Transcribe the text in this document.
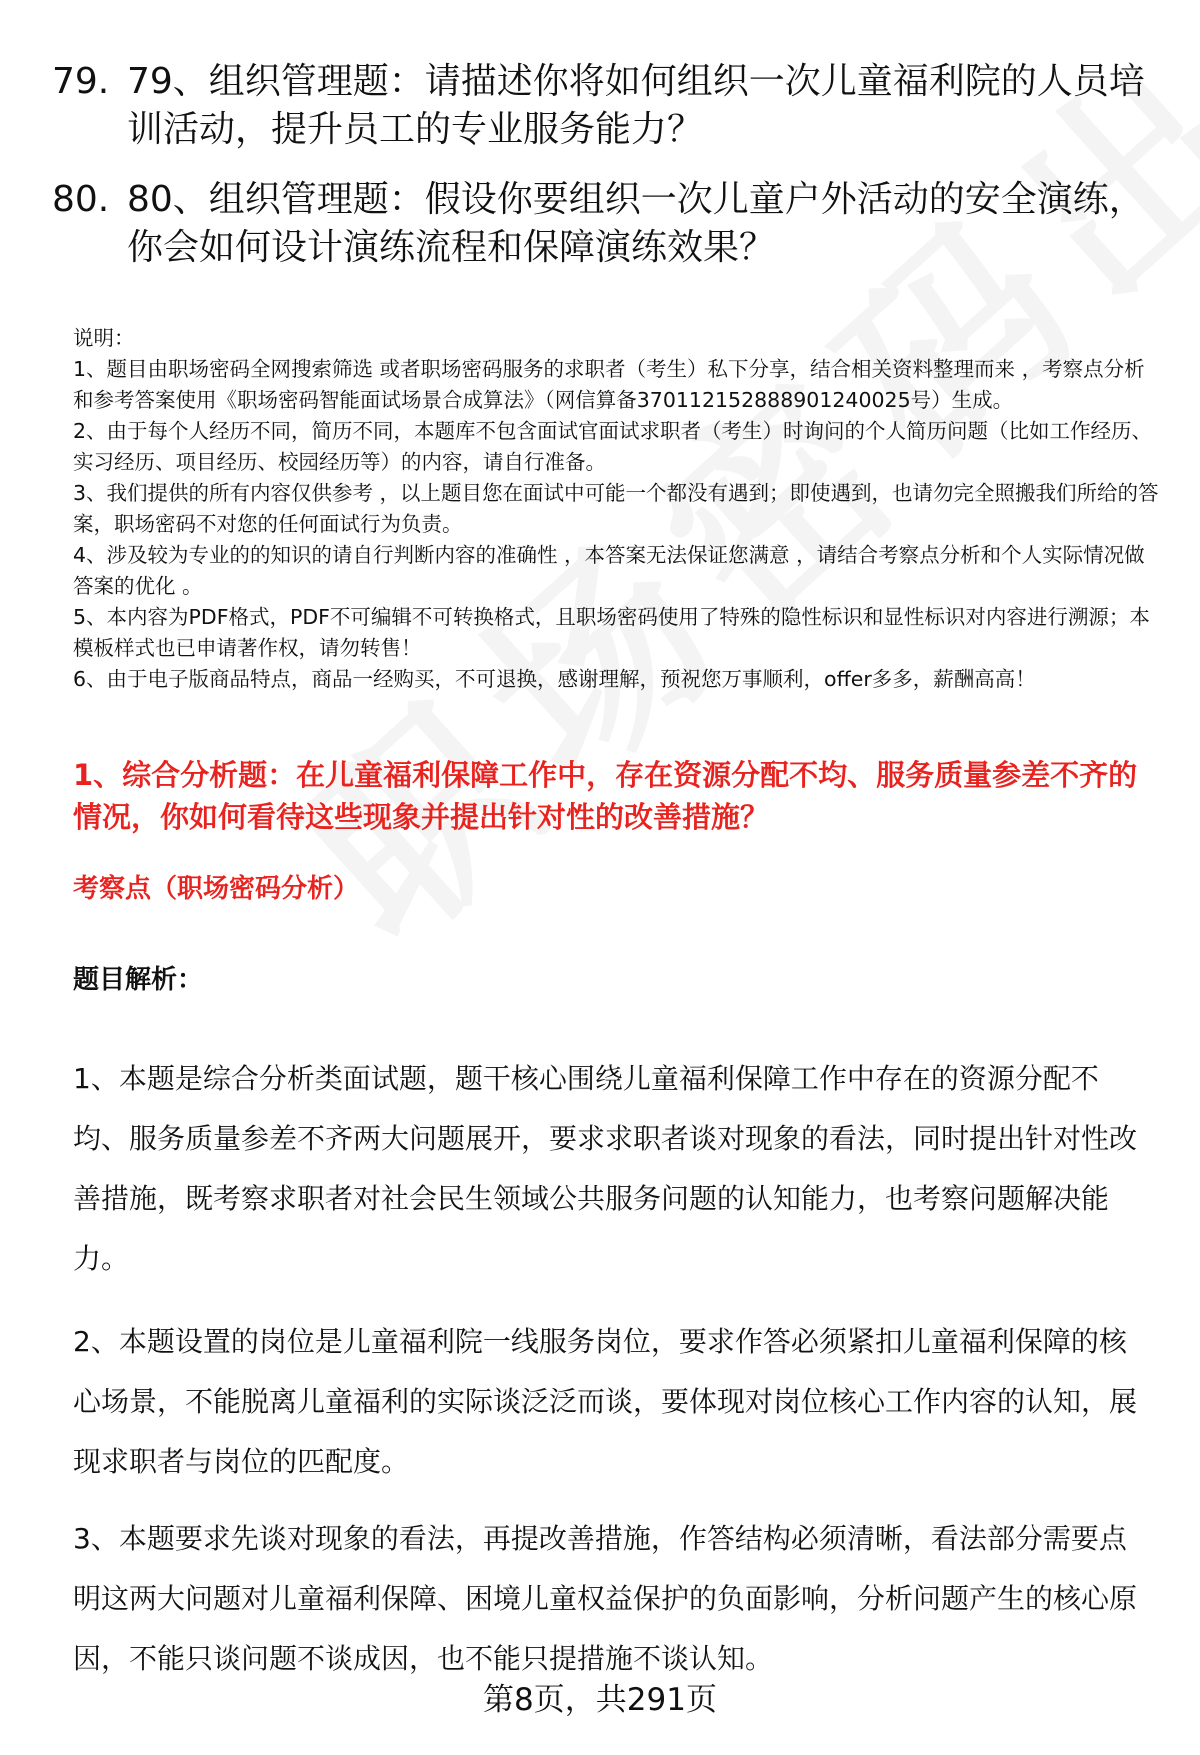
79. 79、组织管理题：请描述你将如何组织一次儿童福利院的人员培训活动，提升员工的专业服务能力？
80. 80、组织管理题：假设你要组织一次儿童户外活动的安全演练，你会如何设计演练流程和保障演练效果？

说明：

1、题目由职场密码全网搜索筛选 或者职场密码服务的求职者（考生）私下分享，结合相关资料整理而来 ，考察点分析和参考答案使用《职场密码智能面试场景合成算法》（网信算备370112152888901240025号）生成。

2、由于每个人经历不同，简历不同，本题库不包含面试官面试求职者（考生）时询问的个人简历问题（比如工作经历、实习经历、项目经历、校园经历等）的内容，请自行准备。

3、我们提供的所有内容仅供参考 ，以上题目您在面试中可能一个都没有遇到；即使遇到，也请勿完全照搬我们所给的答案，职场密码不对您的任何面试行为负责。

4、涉及较为专业的的知识的请自行判断内容的准确性 ，本答案无法保证您满意 ，请结合考察点分析和个人实际情况做答案的优化 。

5、本内容为PDF格式，PDF不可编辑不可转换格式，且职场密码使用了特殊的隐性标识和显性标识对内容进行溯源；本模板样式也已申请著作权，请勿转售！

6、由于电子版商品特点，商品一经购买，不可退换，感谢理解，预祝您万事顺利，offer多多，薪酬高高！

1、综合分析题：在儿童福利保障工作中，存在资源分配不均、服务质量参差不齐的情况，你如何看待这些现象并提出针对性的改善措施？
考察点（职场密码分析）
题目解析：

1、本题是综合分析类面试题，题干核心围绕儿童福利保障工作中存在的资源分配不均、服务质量参差不齐两大问题展开，要求求职者谈对现象的看法，同时提出针对性改善措施，既考察求职者对社会民生领域公共服务问题的认知能力，也考察问题解决能力。

2、本题设置的岗位是儿童福利院一线服务岗位，要求作答必须紧扣儿童福利保障的核心场景，不能脱离儿童福利的实际谈泛泛而谈，要体现对岗位核心工作内容的认知，展现求职者与岗位的匹配度。

3、本题要求先谈对现象的看法，再提改善措施，作答结构必须清晰，看法部分需要点明这两大问题对儿童福利保障、困境儿童权益保护的负面影响，分析问题产生的核心原因，不能只谈问题不谈成因，也不能只提措施不谈认知。

第8页，共291页
